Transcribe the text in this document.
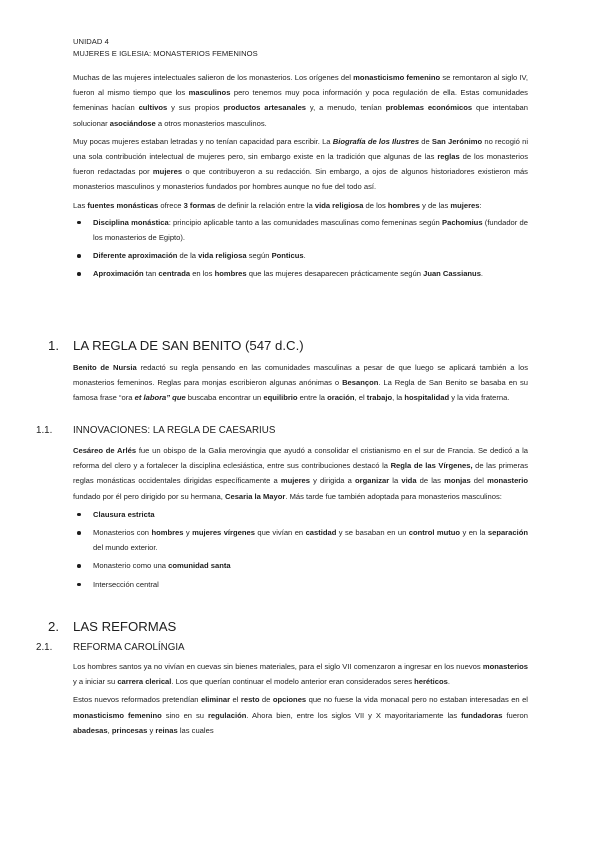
UNIDAD 4
MUJERES E IGLESIA: MONASTERIOS FEMENINOS

Muchas de las mujeres intelectuales salieron de los monasterios. Los orígenes del monasticismo femenino se remontaron al siglo IV, fueron al mismo tiempo que los masculinos pero tenemos muy poca información y poca regulación de ella. Estas comunidades femeninas hacían cultivos y sus propios productos artesanales y, a menudo, tenían problemas económicos que intentaban solucionar asociándose a otros monasterios masculinos.

Muy pocas mujeres estaban letradas y no tenían capacidad para escribir. La Biografía de los Ilustres de San Jerónimo no recogió ni una sola contribución intelectual de mujeres pero, sin embargo existe en la tradición que algunas de las reglas de los monasterios fueron redactadas por mujeres o que contribuyeron a su redacción. Sin embargo, a ojos de algunos historiadores existieron más monasterios masculinos y monasterios fundados por hombres aunque no fue del todo así.

Las fuentes monásticas ofrece 3 formas de definir la relación entre la vida religiosa de los hombres y de las mujeres:

Disciplina monástica: principio aplicable tanto a las comunidades masculinas como femeninas según Pachomius (fundador de los monasterios de Egipto).
Diferente aproximación de la vida religiosa según Ponticus.
Aproximación tan centrada en los hombres que las mujeres desaparecen prácticamente según Juan Cassianus.
1. LA REGLA DE SAN BENITO (547 d.C.)

Benito de Nursia redactó su regla pensando en las comunidades masculinas a pesar de que luego se aplicará también a los monasterios femeninos. Reglas para monjas escribieron algunas anónimas o Besançon. La Regla de San Benito se basaba en su famosa frase “ora et labora” que buscaba encontrar un equilibrio entre la oración, el trabajo, la hospitalidad y la vida fraterna.

1.1. INNOVACIONES: LA REGLA DE CAESARIUS

Cesáreo de Arlés fue un obispo de la Galia merovingia que ayudó a consolidar el cristianismo en el sur de Francia. Se dedicó a la reforma del clero y a fortalecer la disciplina eclesiástica, entre sus contribuciones destacó la Regla de las Vírgenes, de las primeras reglas monásticas occidentales dirigidas específicamente a mujeres y dirigida a organizar la vida de las monjas del monasterio fundado por él pero dirigido por su hermana, Cesaria la Mayor. Más tarde fue también adoptada para monasterios masculinos:

Clausura estricta
Monasterios con hombres y mujeres vírgenes que vivían en castidad y se basaban en un control mutuo y en la separación del mundo exterior.
Monasterio como una comunidad santa
Intersección central
2. LAS REFORMAS
2.1. REFORMA CAROLÍNGIA

Los hombres santos ya no vivían en cuevas sin bienes materiales, para el siglo VII comenzaron a ingresar en los nuevos monasterios y a iniciar su carrera clerical. Los que querían continuar el modelo anterior eran considerados seres heréticos.

Estos nuevos reformados pretendían eliminar el resto de opciones que no fuese la vida monacal pero no estaban interesadas en el monasticismo femenino sino en su regulación. Ahora bien, entre los siglos VII y X mayoritariamente las fundadoras fueron abadesas, princesas y reinas las cuales
